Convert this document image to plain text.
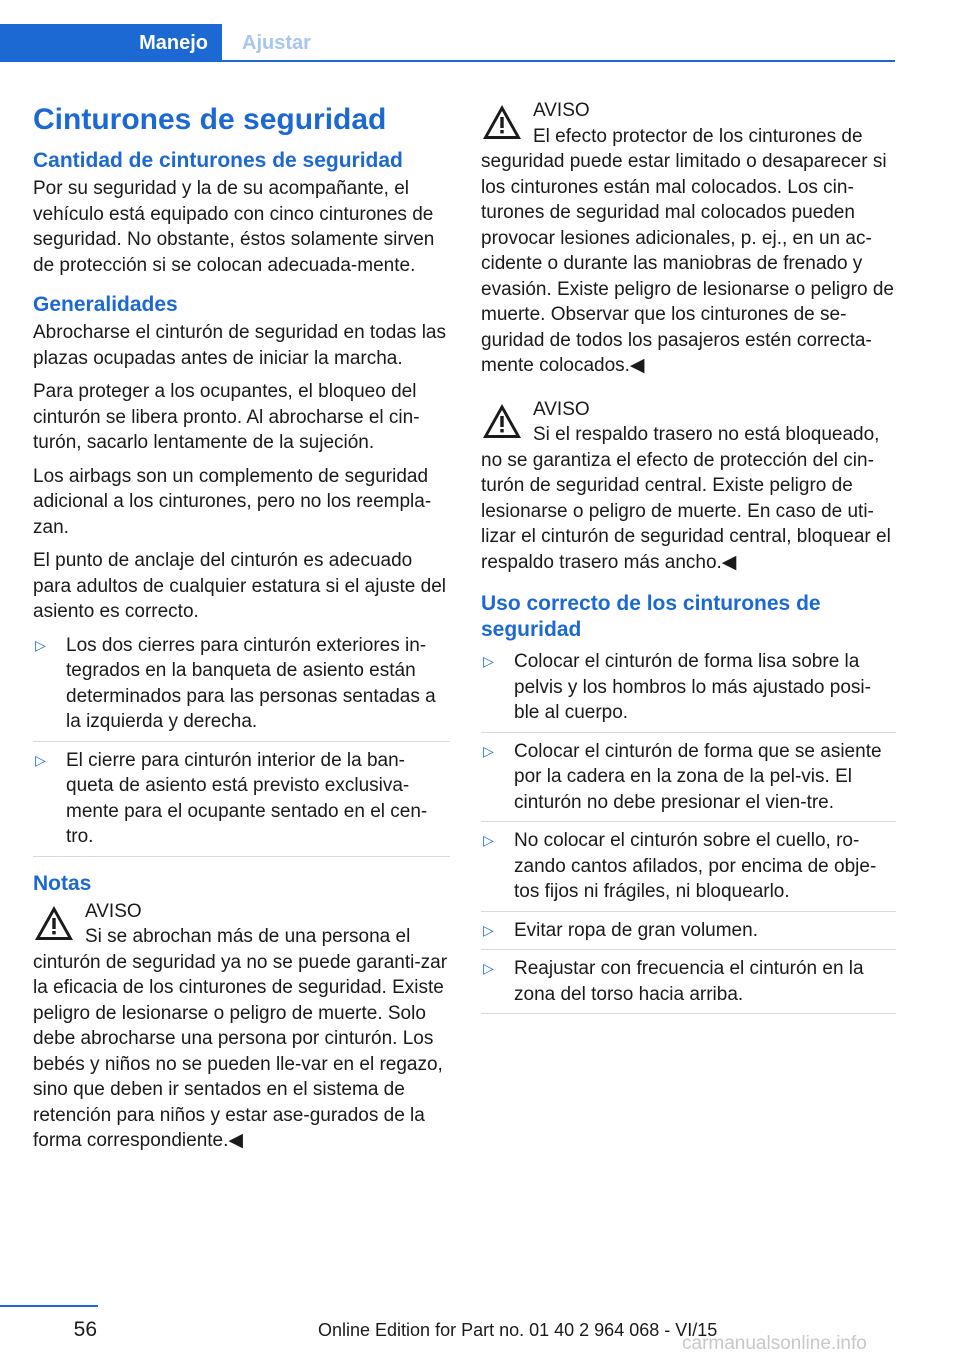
Manejo	Ajustar
Cinturones de seguridad
Cantidad de cinturones de seguridad

Por su seguridad y la de su acompañante, el vehículo está equipado con cinco cinturones de seguridad. No obstante, éstos solamente sirven de protección si se colocan adecuada-mente.

Generalidades

Abrocharse el cinturón de seguridad en todas las plazas ocupadas antes de iniciar la marcha.

Para proteger a los ocupantes, el bloqueo del cinturón se libera pronto. Al abrocharse el cin-turón, sacarlo lentamente de la sujeción.

Los airbags son un complemento de seguridad adicional a los cinturones, pero no los reempla-zan.

El punto de anclaje del cinturón es adecuado para adultos de cualquier estatura si el ajuste del asiento es correcto.

▷ Los dos cierres para cinturón exteriores in-tegrados en la banqueta de asiento están determinados para las personas sentadas a la izquierda y derecha.
▷ El cierre para cinturón interior de la ban-queta de asiento está previsto exclusiva-mente para el ocupante sentado en el cen-tro.
Notas
AVISO

Si se abrochan más de una persona el cinturón de seguridad ya no se puede garanti-zar la eficacia de los cinturones de seguridad. Existe peligro de lesionarse o peligro de muerte. Solo debe abrocharse una persona por cinturón. Los bebés y niños no se pueden lle-var en el regazo, sino que deben ir sentados en el sistema de retención para niños y estar ase-gurados de la forma correspondiente.◀

AVISO

El efecto protector de los cinturones de seguridad puede estar limitado o desaparecer si los cinturones están mal colocados. Los cin-turones de seguridad mal colocados pueden provocar lesiones adicionales, p. ej., en un ac-cidente o durante las maniobras de frenado y evasión. Existe peligro de lesionarse o peligro de muerte. Observar que los cinturones de se-guridad de todos los pasajeros estén correcta-mente colocados.◀

AVISO

Si el respaldo trasero no está bloqueado, no se garantiza el efecto de protección del cin-turón de seguridad central. Existe peligro de lesionarse o peligro de muerte. En caso de uti-lizar el cinturón de seguridad central, bloquear el respaldo trasero más ancho.◀

Uso correcto de los cinturones de seguridad
▷ Colocar el cinturón de forma lisa sobre la pelvis y los hombros lo más ajustado posi-ble al cuerpo.
▷ Colocar el cinturón de forma que se asiente por la cadera en la zona de la pel-vis. El cinturón no debe presionar el vien-tre.
▷ No colocar el cinturón sobre el cuello, ro-zando cantos afilados, por encima de obje-tos fijos ni frágiles, ni bloquearlo.
▷ Evitar ropa de gran volumen.
▷ Reajustar con frecuencia el cinturón en la zona del torso hacia arriba.
56	Online Edition for Part no. 01 40 2 964 068 - VI/15
carmanualsonline.info
